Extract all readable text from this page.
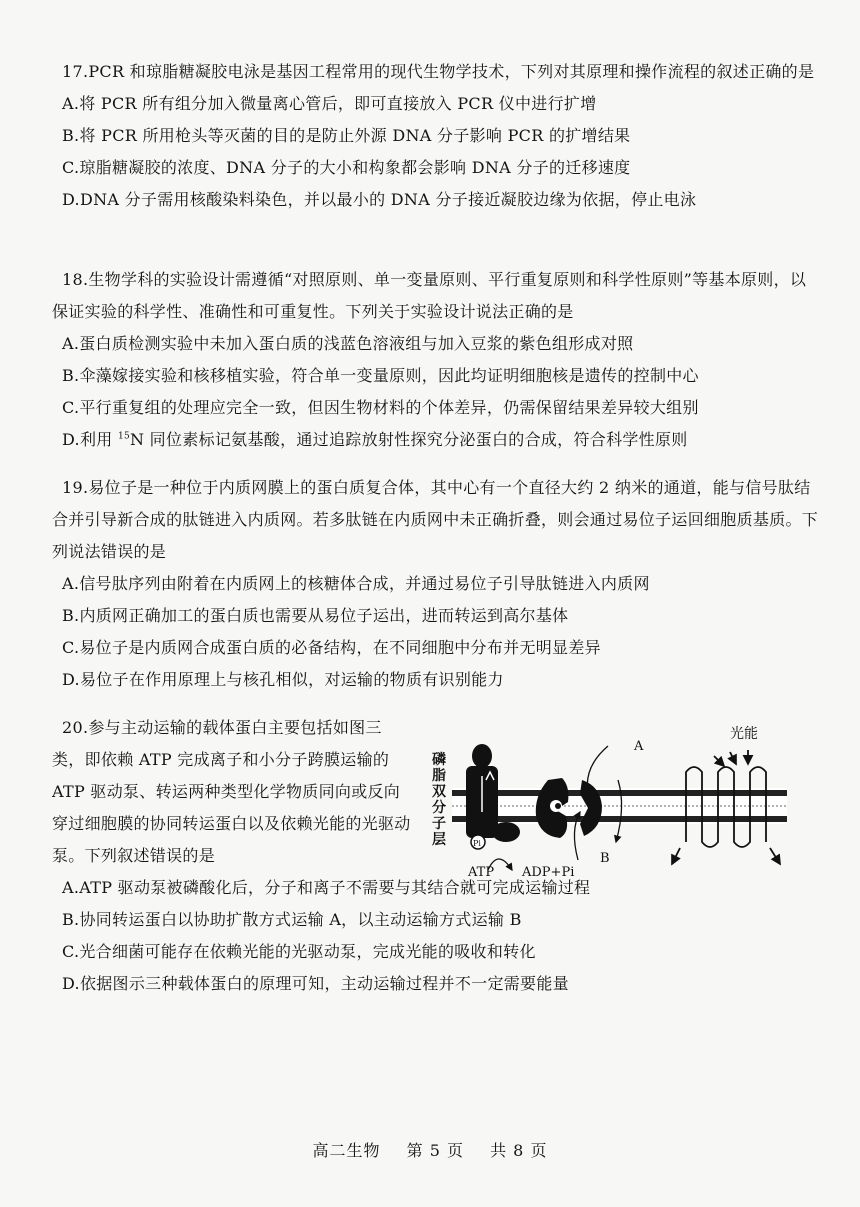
17.PCR 和琼脂糖凝胶电泳是基因工程常用的现代生物学技术，下列对其原理和操作流程的叙述正确的是

A.将 PCR 所有组分加入微量离心管后，即可直接放入 PCR 仪中进行扩增

B.将 PCR 所用枪头等灭菌的目的是防止外源 DNA 分子影响 PCR 的扩增结果

C.琼脂糖凝胶的浓度、DNA 分子的大小和构象都会影响 DNA 分子的迁移速度

D.DNA 分子需用核酸染料染色，并以最小的 DNA 分子接近凝胶边缘为依据，停止电泳

18.生物学科的实验设计需遵循“对照原则、单一变量原则、平行重复原则和科学性原则”等基本原则，以保证实验的科学性、准确性和可重复性。下列关于实验设计说法正确的是

A.蛋白质检测实验中未加入蛋白质的浅蓝色溶液组与加入豆浆的紫色组形成对照

B.伞藻嫁接实验和核移植实验，符合单一变量原则，因此均证明细胞核是遗传的控制中心

C.平行重复组的处理应完全一致，但因生物材料的个体差异，仍需保留结果差异较大组别

D.利用 $^{15}$N 同位素标记氨基酸，通过追踪放射性探究分泌蛋白的合成，符合科学性原则

19.易位子是一种位于内质网膜上的蛋白质复合体，其中心有一个直径大约 2 纳米的通道，能与信号肽结合并引导新合成的肽链进入内质网。若多肽链在内质网中未正确折叠，则会通过易位子运回细胞质基质。下列说法错误的是

A.信号肽序列由附着在内质网上的核糖体合成，并通过易位子引导肽链进入内质网

B.内质网正确加工的蛋白质也需要从易位子运出，进而转运到高尔基体

C.易位子是内质网合成蛋白质的必备结构，在不同细胞中分布并无明显差异

D.易位子在作用原理上与核孔相似，对运输的物质有识别能力

20.参与主动运输的载体蛋白主要包括如图三类，即依赖 ATP 完成离子和小分子跨膜运输的 ATP 驱动泵、转运两种类型化学物质同向或反向穿过细胞膜的协同转运蛋白以及依赖光能的光驱动泵。下列叙述错误的是

A.ATP 驱动泵被磷酸化后，分子和离子不需要与其结合就可完成运输过程

B.协同转运蛋白以协助扩散方式运输 A，以主动运输方式运输 B

C.光合细菌可能存在依赖光能的光驱动泵，完成光能的吸收和转化

D.依据图示三种载体蛋白的原理可知，主动运输过程并不一定需要能量

磷
脂
双
分
子
层	Pi
A
B
光能
ATP ADP+Pi
高二生物 第 5 页 共 8 页
